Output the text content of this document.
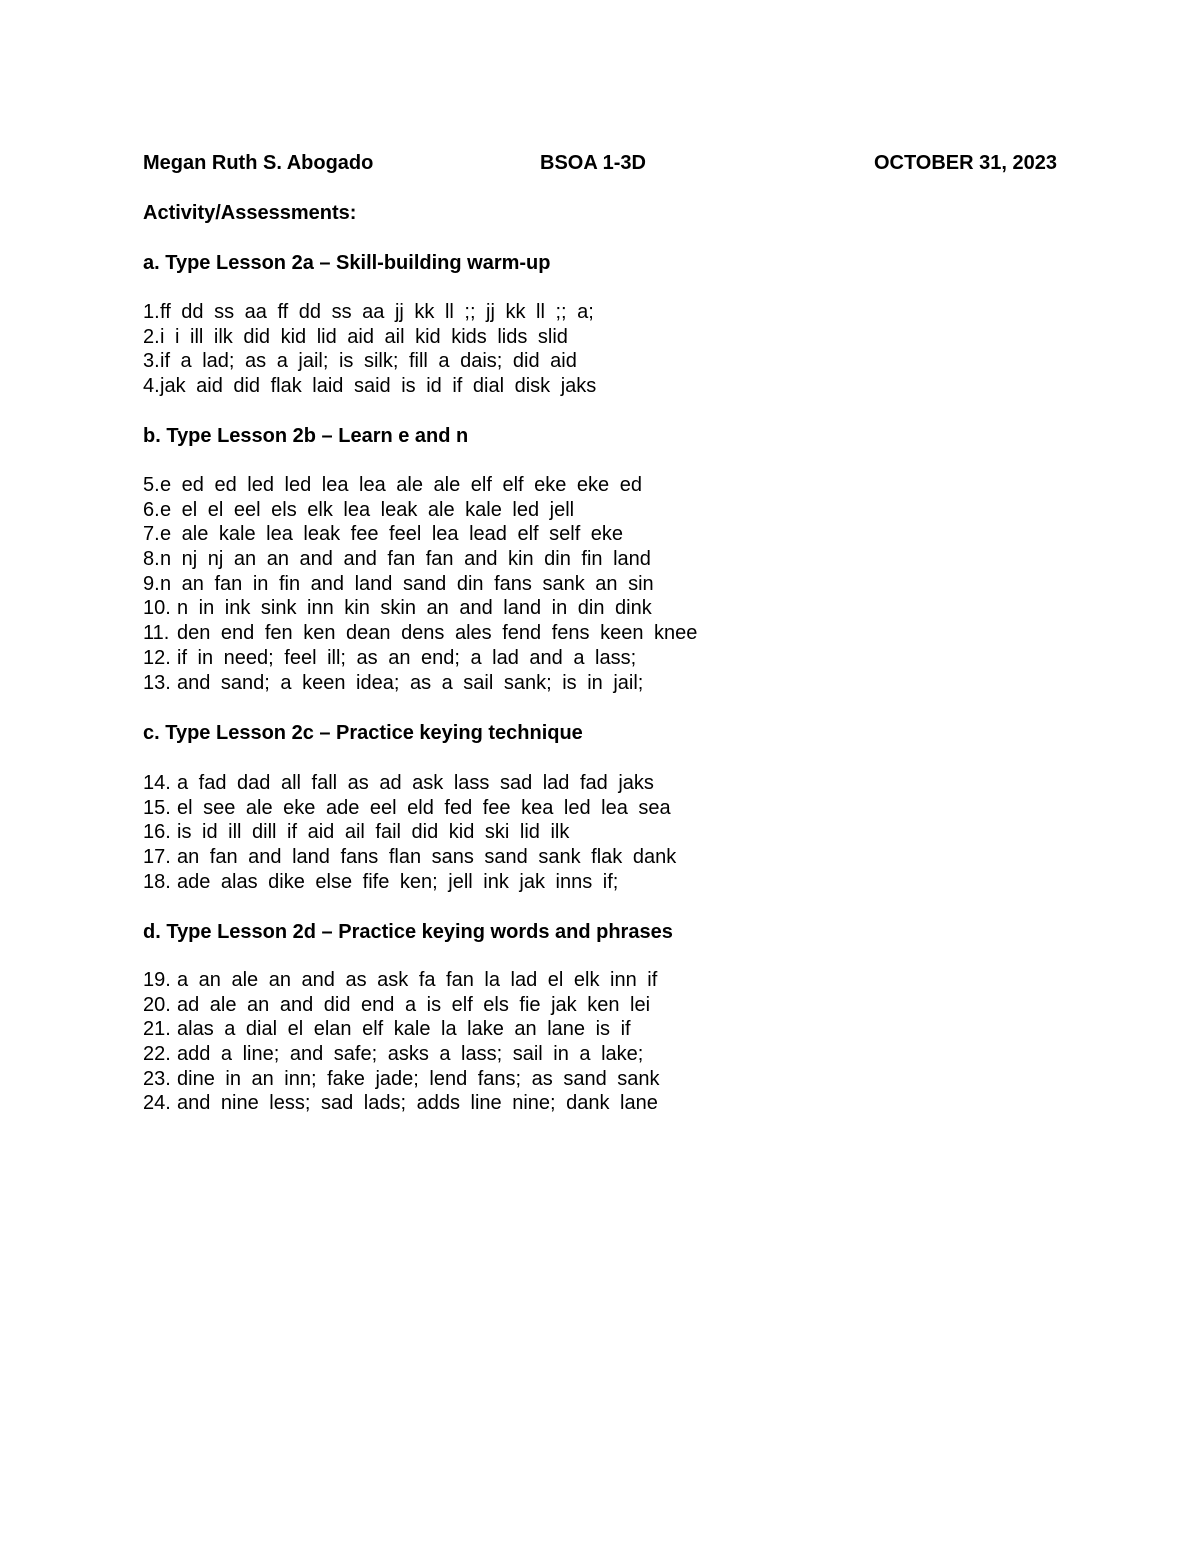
Megan Ruth S. Abogado	BSOA 1-3D	OCTOBER 31, 2023
Activity/Assessments:
a. Type Lesson 2a – Skill-building warm-up
1. ff dd ss aa ff dd ss aa jj kk ll ;; jj kk ll ;; a;
2. i i ill ilk did kid lid aid ail kid kids lids slid
3. if a lad; as a jail; is silk; fill a dais; did aid
4. jak aid did flak laid said is id if dial disk jaks
b. Type Lesson 2b – Learn e and n
5. e ed ed led led lea lea ale ale elf elf eke eke ed
6. e el el eel els elk lea leak ale kale led jell
7. e ale kale lea leak fee feel lea lead elf self eke
8. n nj nj an an and and fan fan and kin din fin land
9. n an fan in fin and land sand din fans sank an sin
10. n in ink sink inn kin skin an and land in din dink
11. den end fen ken dean dens ales fend fens keen knee
12. if in need; feel ill; as an end; a lad and a lass;
13. and sand; a keen idea; as a sail sank; is in jail;
c. Type Lesson 2c – Practice keying technique
14. a fad dad all fall as ad ask lass sad lad fad jaks
15. el see ale eke ade eel eld fed fee kea led lea sea
16. is id ill dill if aid ail fail did kid ski lid ilk
17. an fan and land fans flan sans sand sank flak dank
18. ade alas dike else fife ken; jell ink jak inns if;
d. Type Lesson 2d – Practice keying words and phrases
19. a an ale an and as ask fa fan la lad el elk inn if
20. ad ale an and did end a is elf els fie jak ken lei
21. alas a dial el elan elf kale la lake an lane is if
22. add a line; and safe; asks a lass; sail in a lake;
23. dine in an inn; fake jade; lend fans; as sand sank
24. and nine less; sad lads; adds line nine; dank lane
